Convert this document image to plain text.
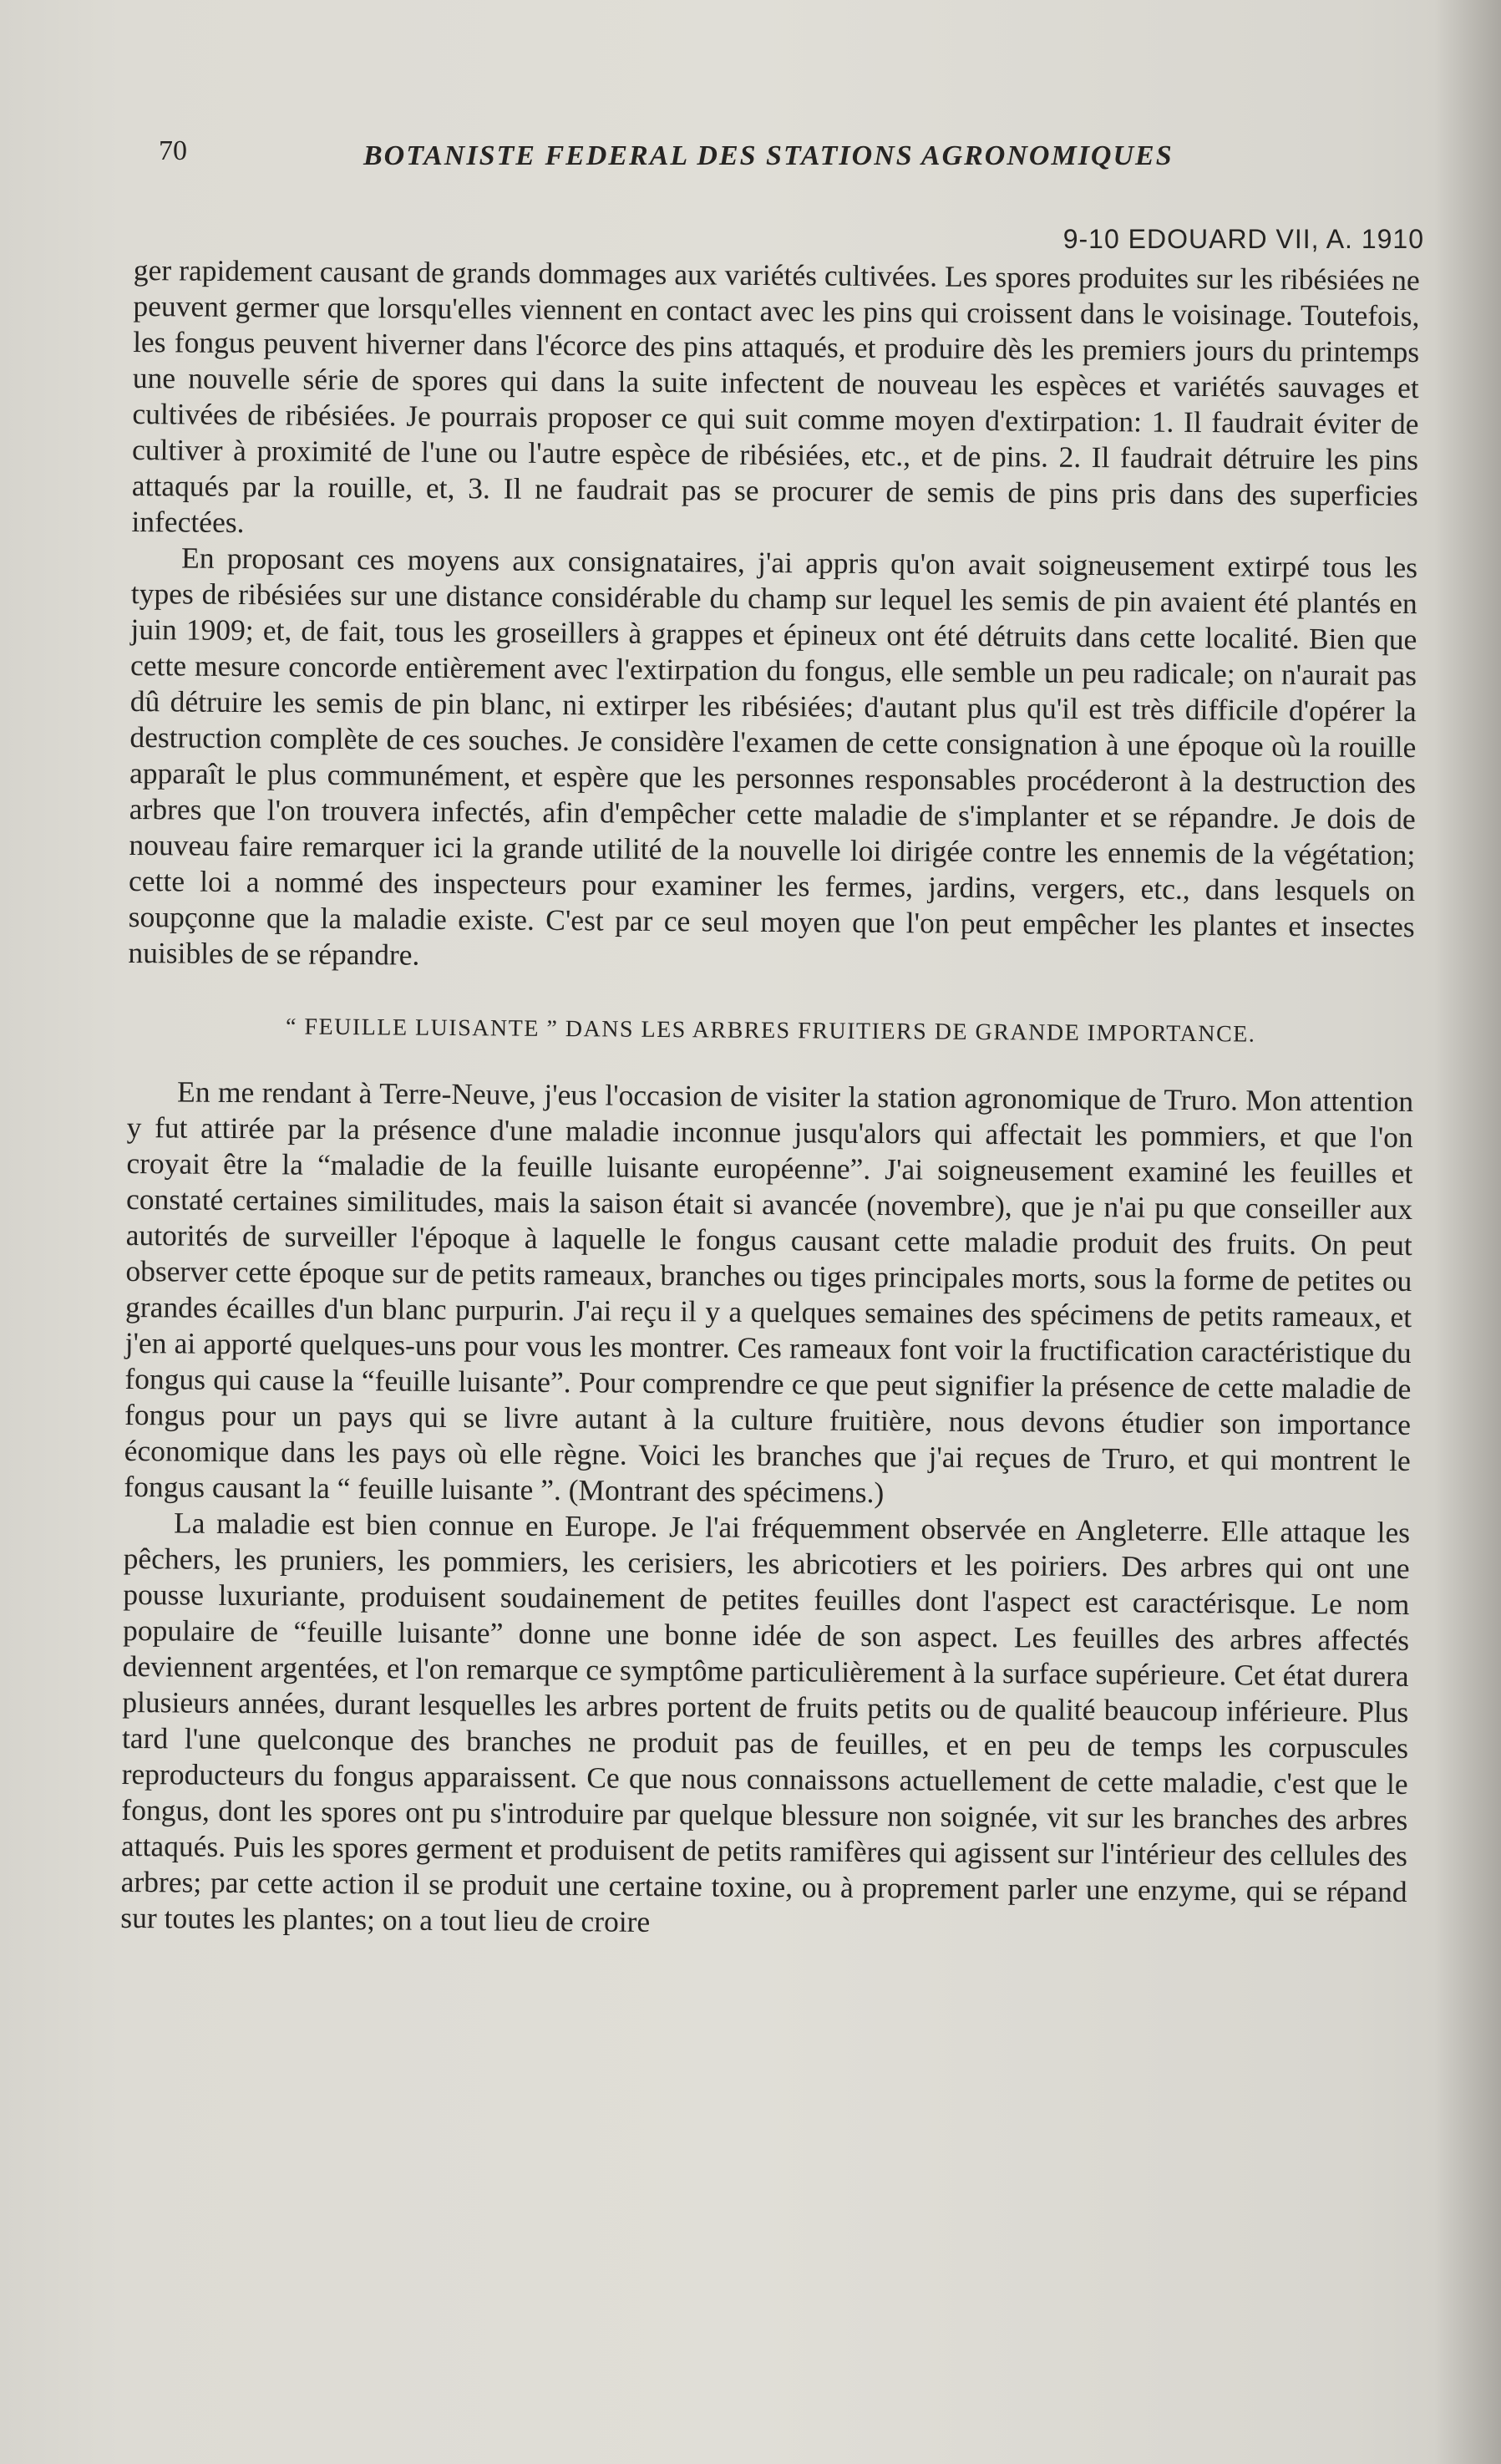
70	BOTANISTE FEDERAL DES STATIONS AGRONOMIQUES
9-10 EDOUARD VII, A. 1910

ger rapidement causant de grands dommages aux variétés cultivées. Les spores produites sur les ribésiées ne peuvent germer que lorsqu'elles viennent en contact avec les pins qui croissent dans le voisinage. Toutefois, les fongus peuvent hiverner dans l'écorce des pins attaqués, et produire dès les premiers jours du printemps une nouvelle série de spores qui dans la suite infectent de nouveau les espèces et variétés sauvages et cultivées de ribésiées. Je pourrais proposer ce qui suit comme moyen d'extirpation: 1. Il faudrait éviter de cultiver à proximité de l'une ou l'autre espèce de ribésiées, etc., et de pins. 2. Il faudrait détruire les pins attaqués par la rouille, et, 3. Il ne faudrait pas se procurer de semis de pins pris dans des superficies infectées.

En proposant ces moyens aux consignataires, j'ai appris qu'on avait soigneusement extirpé tous les types de ribésiées sur une distance considérable du champ sur lequel les semis de pin avaient été plantés en juin 1909; et, de fait, tous les groseillers à grappes et épineux ont été détruits dans cette localité. Bien que cette mesure concorde entièrement avec l'extirpation du fongus, elle semble un peu radicale; on n'aurait pas dû détruire les semis de pin blanc, ni extirper les ribésiées; d'autant plus qu'il est très difficile d'opérer la destruction complète de ces souches. Je considère l'examen de cette consignation à une époque où la rouille apparaît le plus communément, et espère que les personnes responsables procéderont à la destruction des arbres que l'on trouvera infectés, afin d'empêcher cette maladie de s'implanter et se répandre. Je dois de nouveau faire remarquer ici la grande utilité de la nouvelle loi dirigée contre les ennemis de la végétation; cette loi a nommé des inspecteurs pour examiner les fermes, jardins, vergers, etc., dans lesquels on soupçonne que la maladie existe. C'est par ce seul moyen que l'on peut empêcher les plantes et insectes nuisibles de se répandre.

“ FEUILLE LUISANTE ” DANS LES ARBRES FRUITIERS DE GRANDE IMPORTANCE.

En me rendant à Terre-Neuve, j'eus l'occasion de visiter la station agronomique de Truro. Mon attention y fut attirée par la présence d'une maladie inconnue jusqu'alors qui affectait les pommiers, et que l'on croyait être la “maladie de la feuille luisante européenne”. J'ai soigneusement examiné les feuilles et constaté certaines similitudes, mais la saison était si avancée (novembre), que je n'ai pu que conseiller aux autorités de surveiller l'époque à laquelle le fongus causant cette maladie produit des fruits. On peut observer cette époque sur de petits rameaux, branches ou tiges principales morts, sous la forme de petites ou grandes écailles d'un blanc purpurin. J'ai reçu il y a quelques semaines des spécimens de petits rameaux, et j'en ai apporté quelques-uns pour vous les montrer. Ces rameaux font voir la fructification caractéristique du fongus qui cause la “feuille luisante”. Pour comprendre ce que peut signifier la présence de cette maladie de fongus pour un pays qui se livre autant à la culture fruitière, nous devons étudier son importance économique dans les pays où elle règne. Voici les branches que j'ai reçues de Truro, et qui montrent le fongus causant la “ feuille luisante ”. (Montrant des spécimens.)

La maladie est bien connue en Europe. Je l'ai fréquemment observée en Angleterre. Elle attaque les pêchers, les pruniers, les pommiers, les cerisiers, les abricotiers et les poiriers. Des arbres qui ont une pousse luxuriante, produisent soudainement de petites feuilles dont l'aspect est caractérisque. Le nom populaire de “feuille luisante” donne une bonne idée de son aspect. Les feuilles des arbres affectés deviennent argentées, et l'on remarque ce symptôme particulièrement à la surface supérieure. Cet état durera plusieurs années, durant lesquelles les arbres portent de fruits petits ou de qualité beaucoup inférieure. Plus tard l'une quelconque des branches ne produit pas de feuilles, et en peu de temps les corpuscules reproducteurs du fongus apparaissent. Ce que nous connaissons actuellement de cette maladie, c'est que le fongus, dont les spores ont pu s'introduire par quelque blessure non soignée, vit sur les branches des arbres attaqués. Puis les spores germent et produisent de petits ramifères qui agissent sur l'intérieur des cellules des arbres; par cette action il se produit une certaine toxine, ou à proprement parler une enzyme, qui se répand sur toutes les plantes; on a tout lieu de croire
